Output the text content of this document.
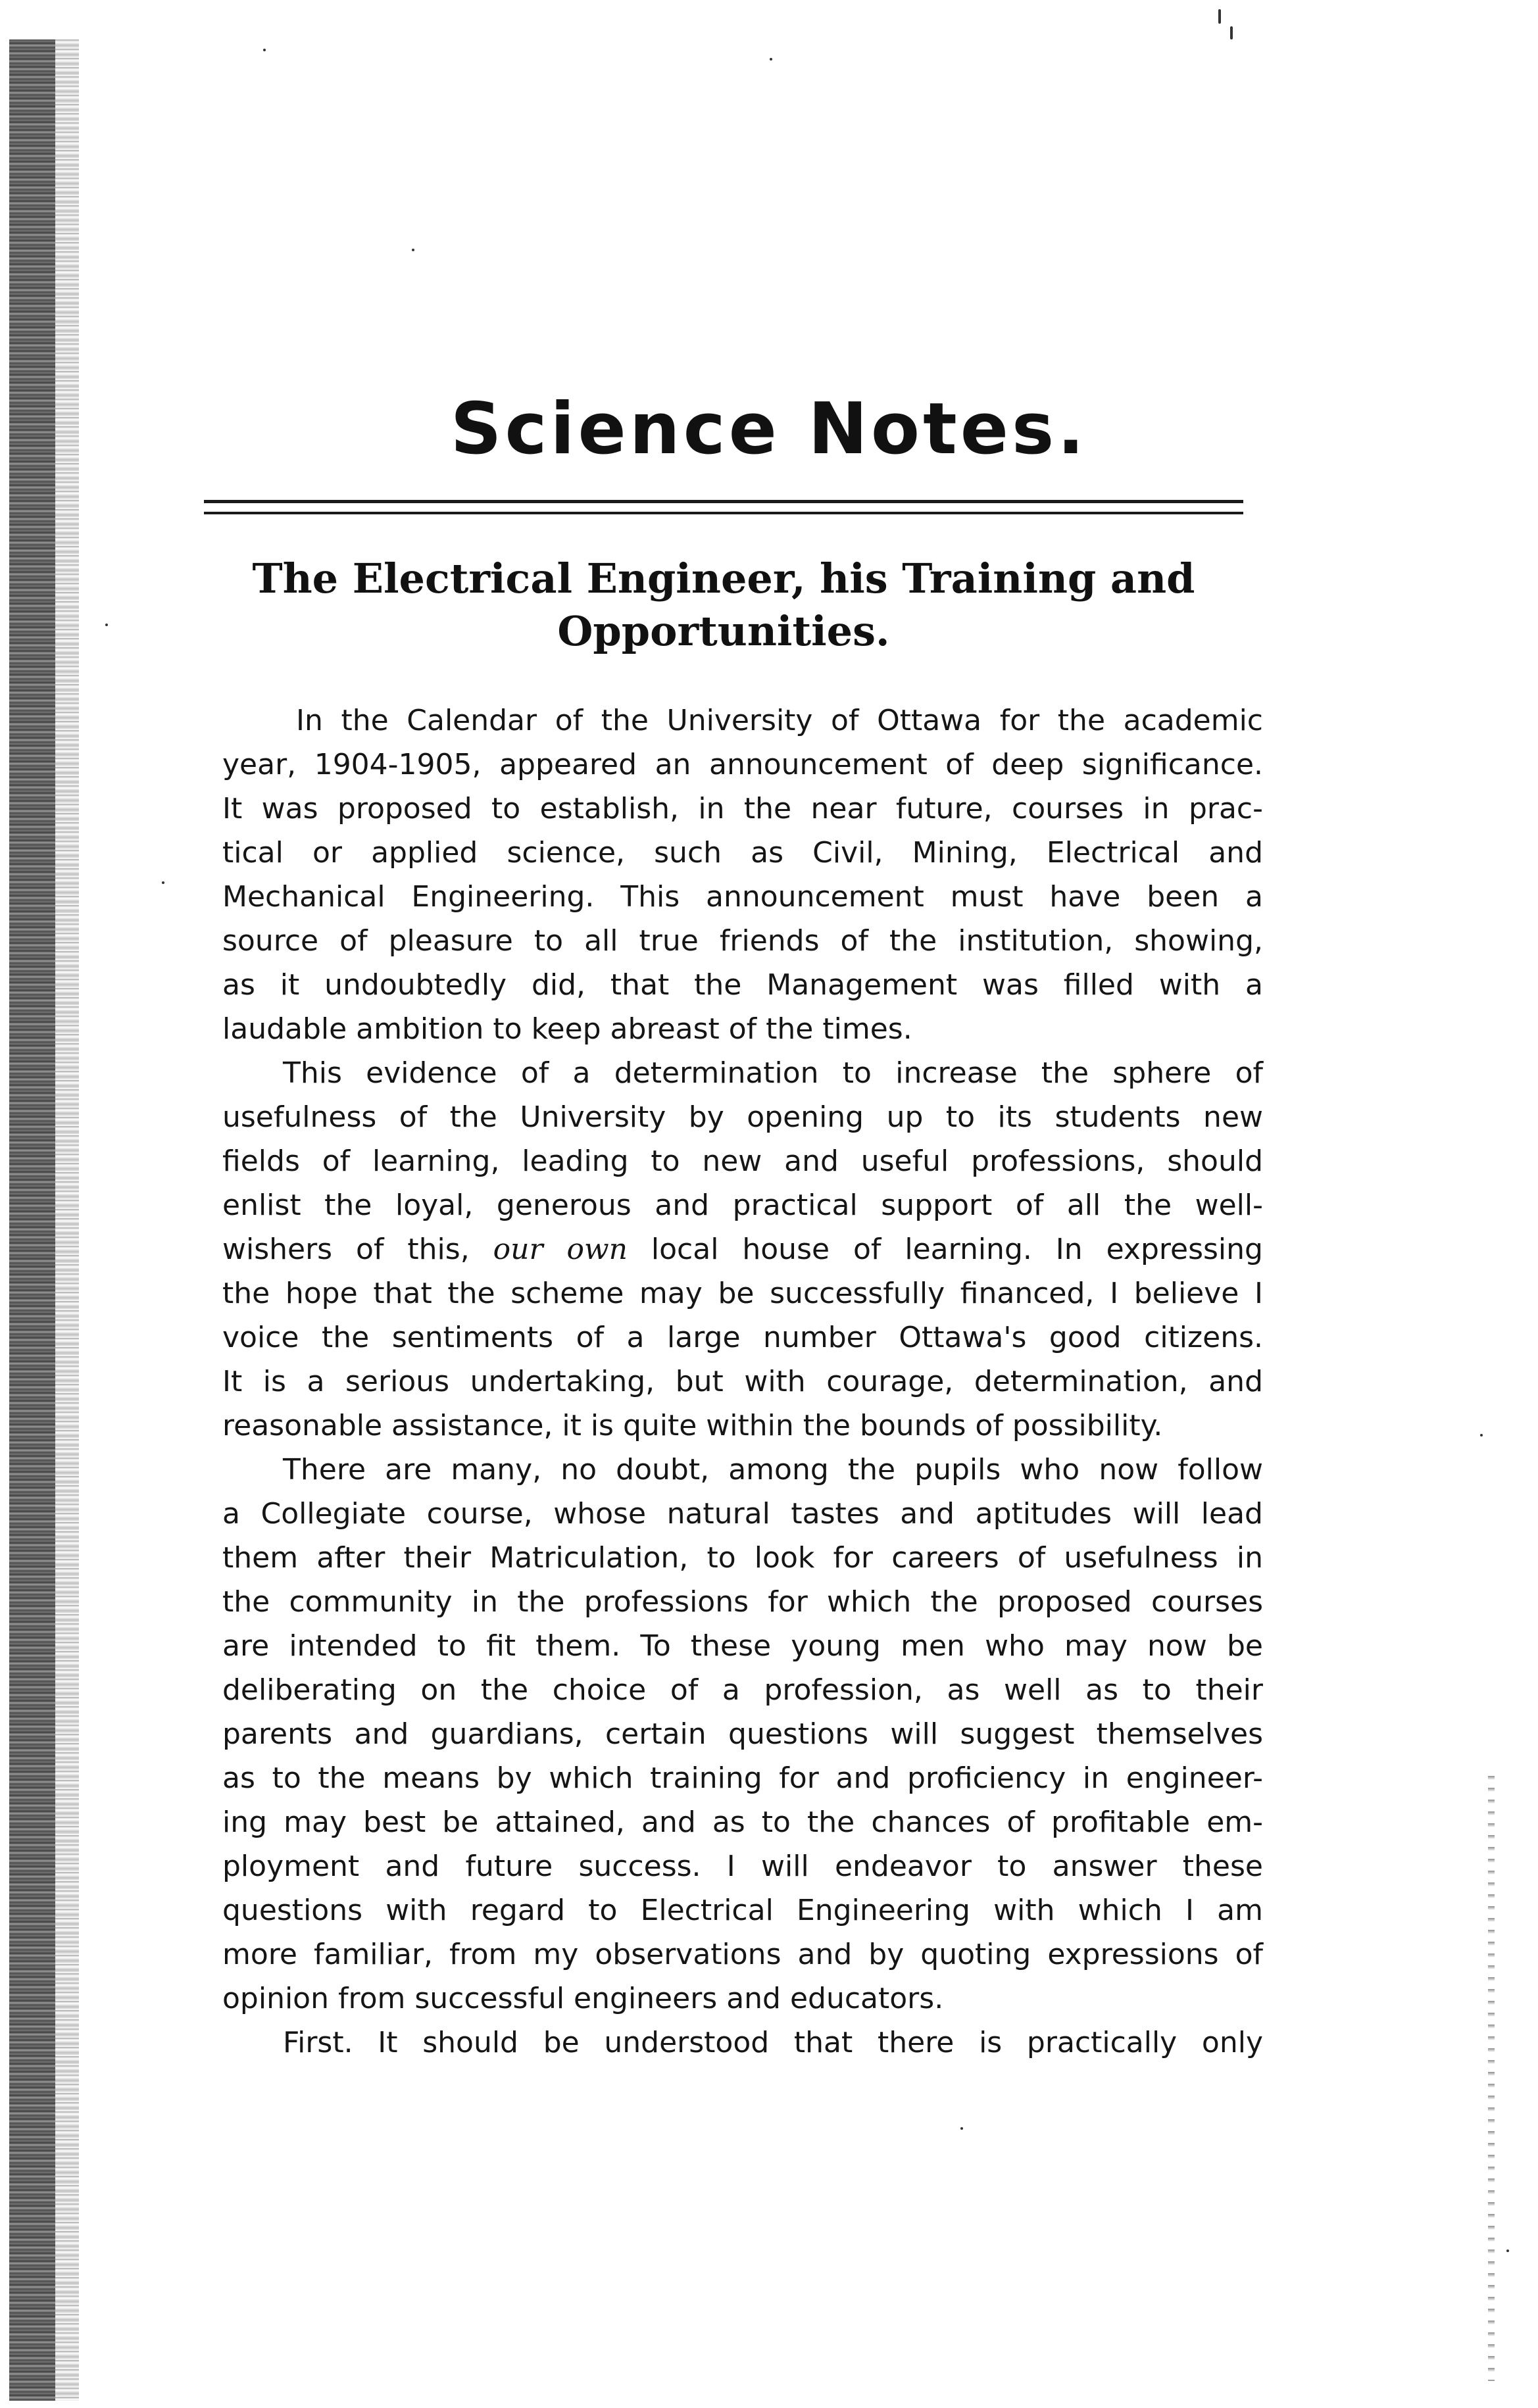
Science Notes.
The Electrical Engineer, his Training and
Opportunities.
In the Calendar of the University of Ottawa for the academic
year, 1904-1905, appeared an announcement of deep significance.
It was proposed to establish, in the near future, courses in prac-
tical or applied science, such as Civil, Mining, Electrical and
Mechanical Engineering. This announcement must have been a
source of pleasure to all true friends of the institution, showing,
as it undoubtedly did, that the Management was filled with a
laudable ambition to keep abreast of the times.
This evidence of a determination to increase the sphere of
usefulness of the University by opening up to its students new
fields of learning, leading to new and useful professions, should
enlist the loyal, generous and practical support of all the well-
wishers of this, our own local house of learning. In expressing
the hope that the scheme may be successfully financed, I believe I
voice the sentiments of a large number Ottawa's good citizens.
It is a serious undertaking, but with courage, determination, and
reasonable assistance, it is quite within the bounds of possibility.
There are many, no doubt, among the pupils who now follow
a Collegiate course, whose natural tastes and aptitudes will lead
them after their Matriculation, to look for careers of usefulness in
the community in the professions for which the proposed courses
are intended to fit them. To these young men who may now be
deliberating on the choice of a profession, as well as to their
parents and guardians, certain questions will suggest themselves
as to the means by which training for and proficiency in engineer-
ing may best be attained, and as to the chances of profitable em-
ployment and future success. I will endeavor to answer these
questions with regard to Electrical Engineering with which I am
more familiar, from my observations and by quoting expressions of
opinion from successful engineers and educators.
First. It should be understood that there is practically only
